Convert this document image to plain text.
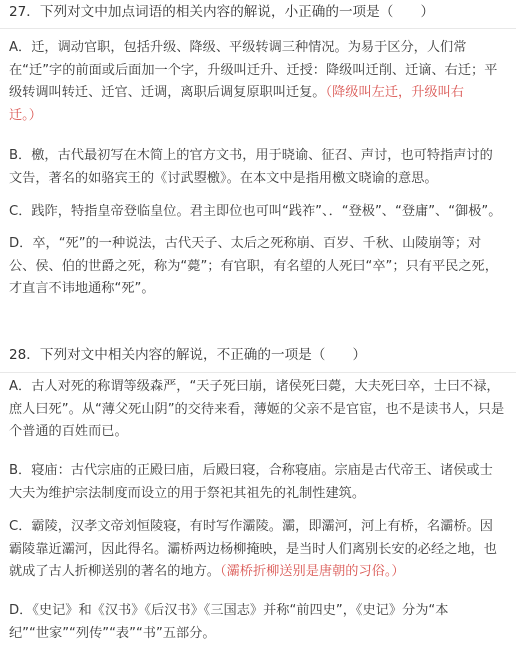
27．下列对文中加点词语的相关内容的解说，小正确的一项是（　　）
A．迁，调动官职，包括升级、降级、平级转调三种情况。为易于区分，人们常
在“迁”字的前面或后面加一个字，升级叫迁升、迁授：降级叫迁削、迁谪、右迁；平
级转调叫转迁、迁官、迁调，离职后调复原职叫迁复。（降级叫左迁，升级叫右
迁。）
B．檄，古代最初写在木简上的官方文书，用于晓谕、征召、声讨，也可特指声讨的
文告，著名的如骆宾王的《讨武曌檄》。在本文中是指用檄文晓谕的意思。
C．践阼，特指皇帝登临皇位。君主即位也可叫“践祚”、．“登极”、“登庸”、“御极”。
D．卒，“死”的一种说法，古代天子、太后之死称崩、百岁、千秋、山陵崩等；对
公、侯、伯的世爵之死，称为“薨”；有官职，有名望的人死曰“卒”；只有平民之死，
才直言不讳地通称“死”。
28．下列对文中相关内容的解说，不正确的一项是（　　）
A．古人对死的称谓等级森严，“天子死曰崩，诸侯死曰薨，大夫死曰卒，士曰不禄，
庶人曰死”。从“薄父死山阴”的交待来看，薄姬的父亲不是官宦，也不是读书人，只是
个普通的百姓而已。
B．寝庙：古代宗庙的正殿曰庙，后殿曰寝，合称寝庙。宗庙是古代帝王、诸侯或士
大夫为维护宗法制度而设立的用于祭祀其祖先的礼制性建筑。
C．霸陵，汉孝文帝刘恒陵寝，有时写作灞陵。灞，即灞河，河上有桥，名灞桥。因
霸陵靠近灞河，因此得名。灞桥两边杨柳掩映，是当时人们离别长安的必经之地，也
就成了古人折柳送别的著名的地方。（灞桥折柳送别是唐朝的习俗。）
D．《史记》和《汉书》《后汉书》《三国志》并称“前四史”，《史记》分为“本
纪”“世家”“列传”“表”“书”五部分。
